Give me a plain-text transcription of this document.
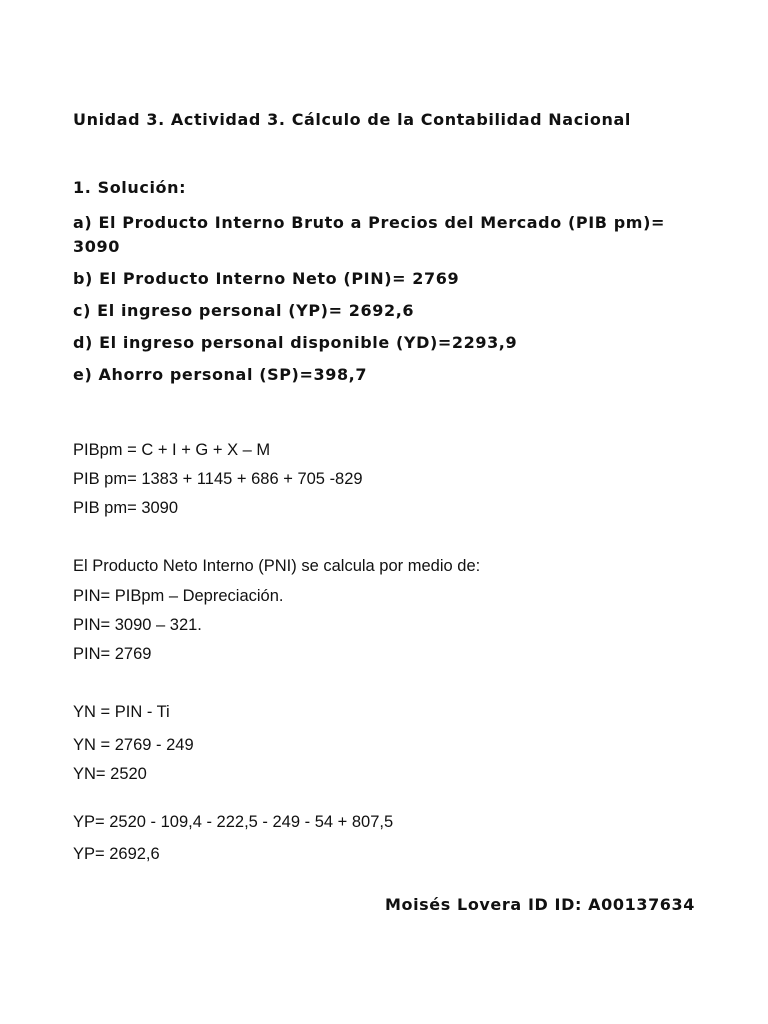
Unidad 3. Actividad 3. Cálculo de la Contabilidad Nacional
1. Solución:
a) El Producto Interno Bruto a Precios del Mercado (PIB pm)= 3090
b) El Producto Interno Neto (PIN)= 2769
c) El ingreso personal (YP)= 2692,6
d) El ingreso personal disponible (YD)=2293,9
e) Ahorro personal (SP)=398,7
PIBpm = C + I + G + X – M
PIB pm= 1383 + 1145 + 686 + 705 -829
PIB pm= 3090
El Producto Neto Interno (PNI) se calcula por medio de:
PIN= PIBpm – Depreciación.
PIN= 3090 – 321.
PIN= 2769
YN = PIN - Ti
YN = 2769 - 249
YN= 2520
YP= 2520 - 109,4 - 222,5 - 249 - 54 + 807,5
YP= 2692,6
Moisés Lovera ID ID: A00137634
